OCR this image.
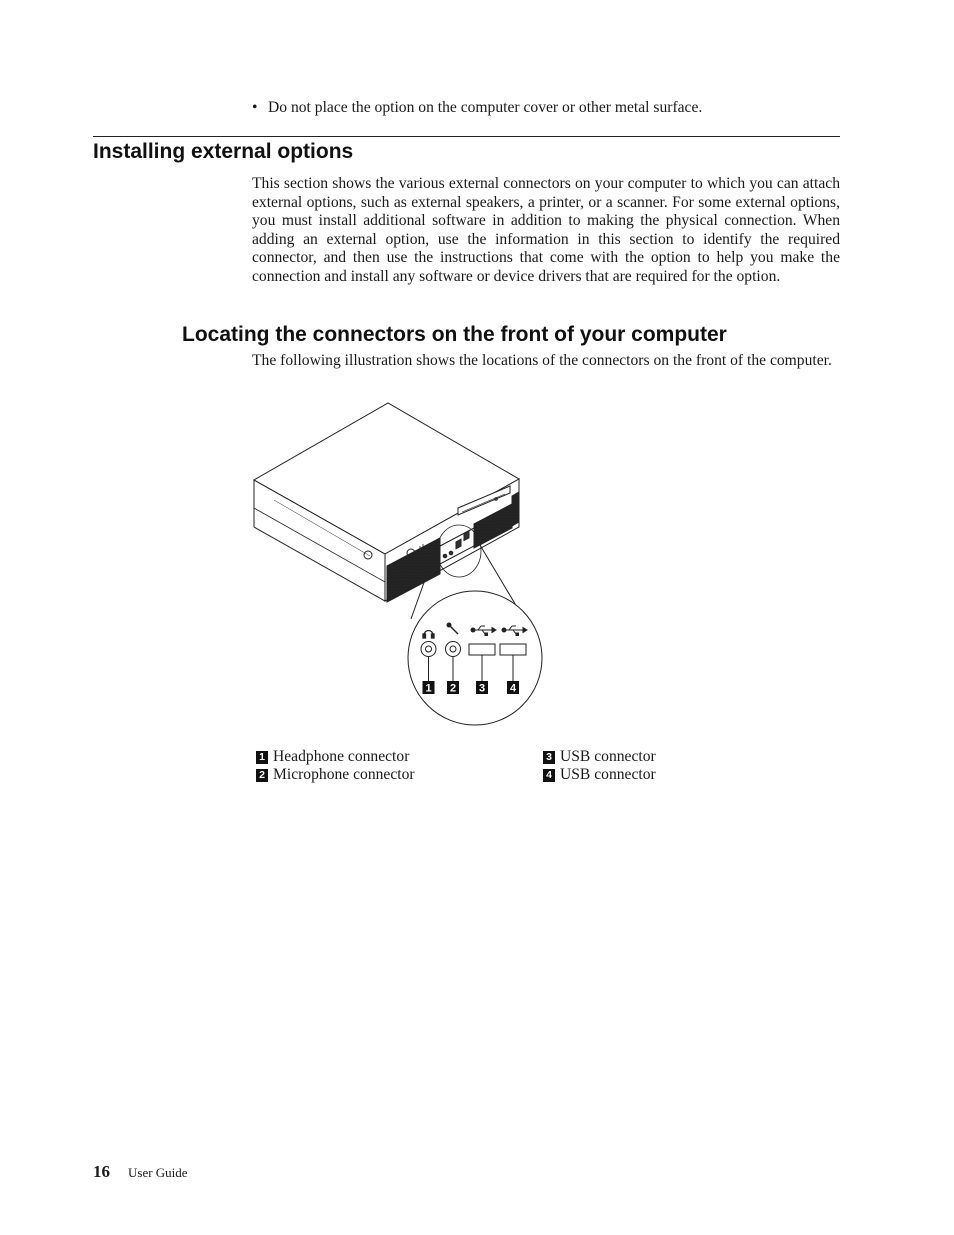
• Do not place the option on the computer cover or other metal surface.
Installing external options

This section shows the various external connectors on your computer to which you can attach external options, such as external speakers, a printer, or a scanner. For some external options, you must install additional software in addition to making the physical connection. When adding an external option, use the information in this section to identify the required connector, and then use the instructions that come with the option to help you make the connection and install any software or device drivers that are required for the option.

Locating the connectors on the front of your computer

The following illustration shows the locations of the connectors on the front of the computer.

1 2 3 4
1 Headphone connector
2 Microphone connector
3 USB connector
4 USB connector
16 User Guide
